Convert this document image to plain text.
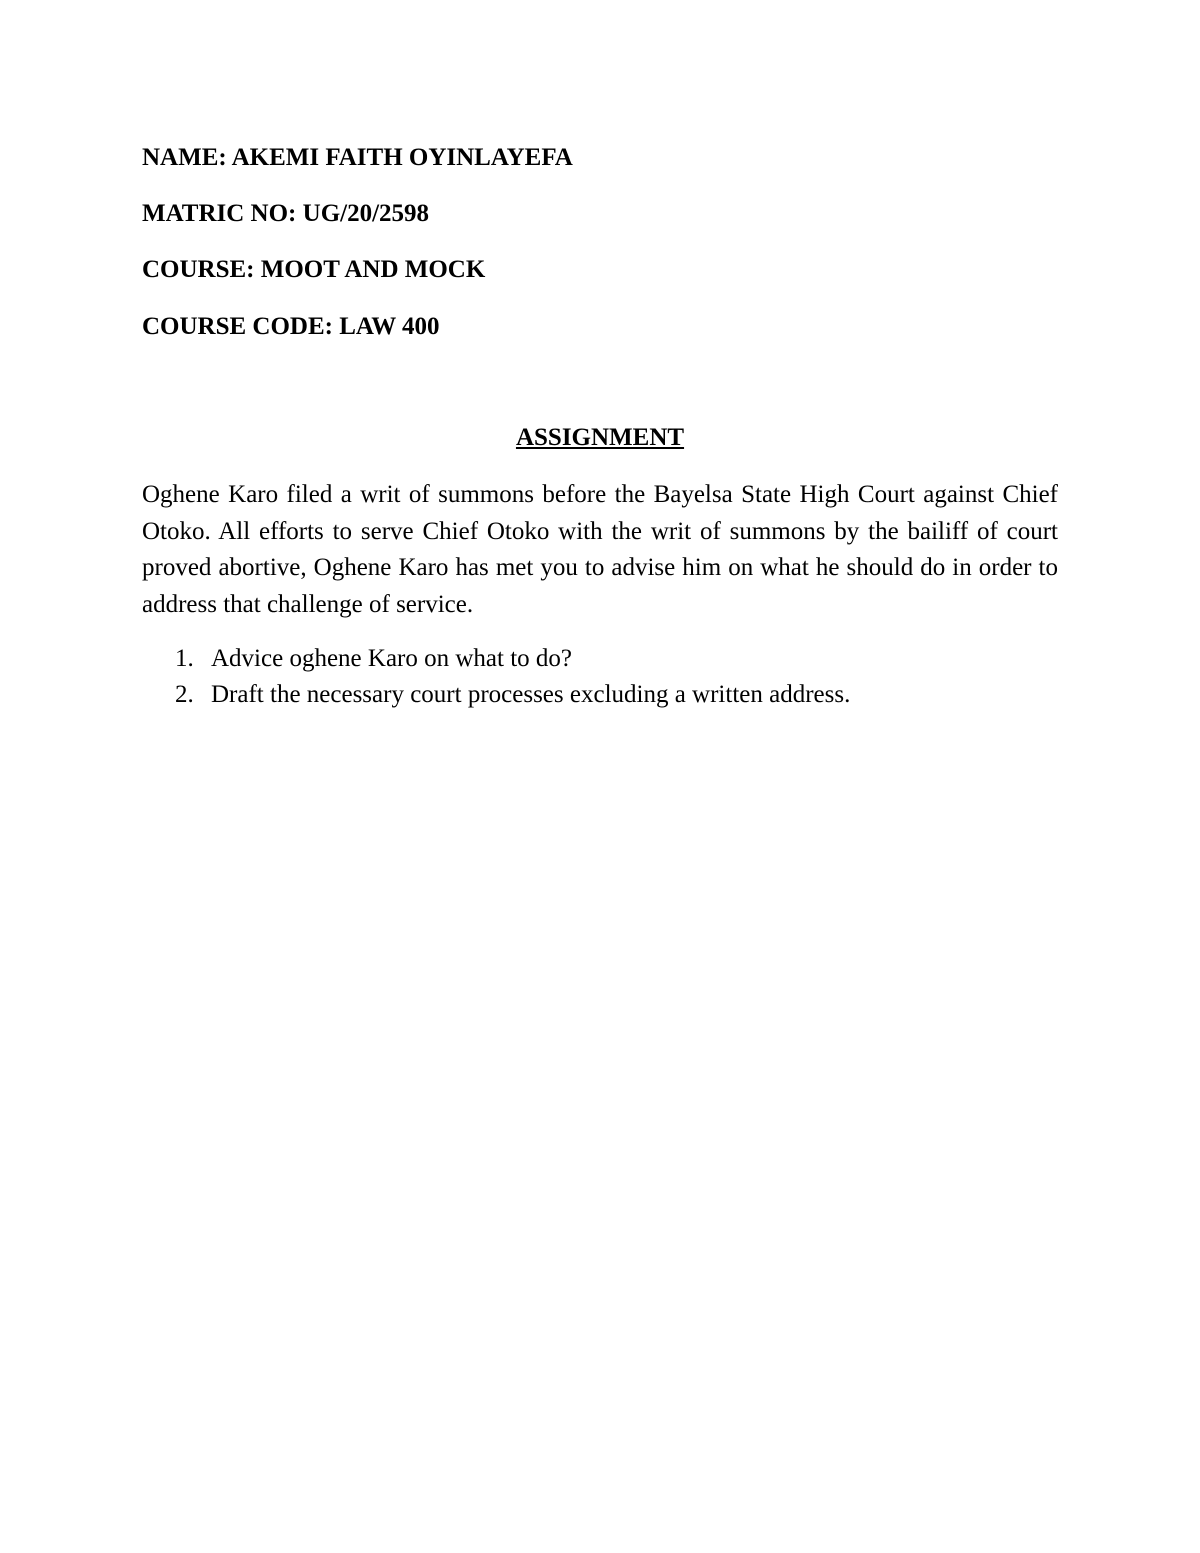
NAME: AKEMI FAITH OYINLAYEFA
MATRIC NO: UG/20/2598
COURSE: MOOT AND MOCK
COURSE CODE: LAW 400
ASSIGNMENT

Oghene Karo filed a writ of summons before the Bayelsa State High Court against Chief Otoko. All efforts to serve Chief Otoko with the writ of summons by the bailiff of court proved abortive, Oghene Karo has met you to advise him on what he should do in order to address that challenge of service.

1. Advice oghene Karo on what to do?
2. Draft the necessary court processes excluding a written address.
